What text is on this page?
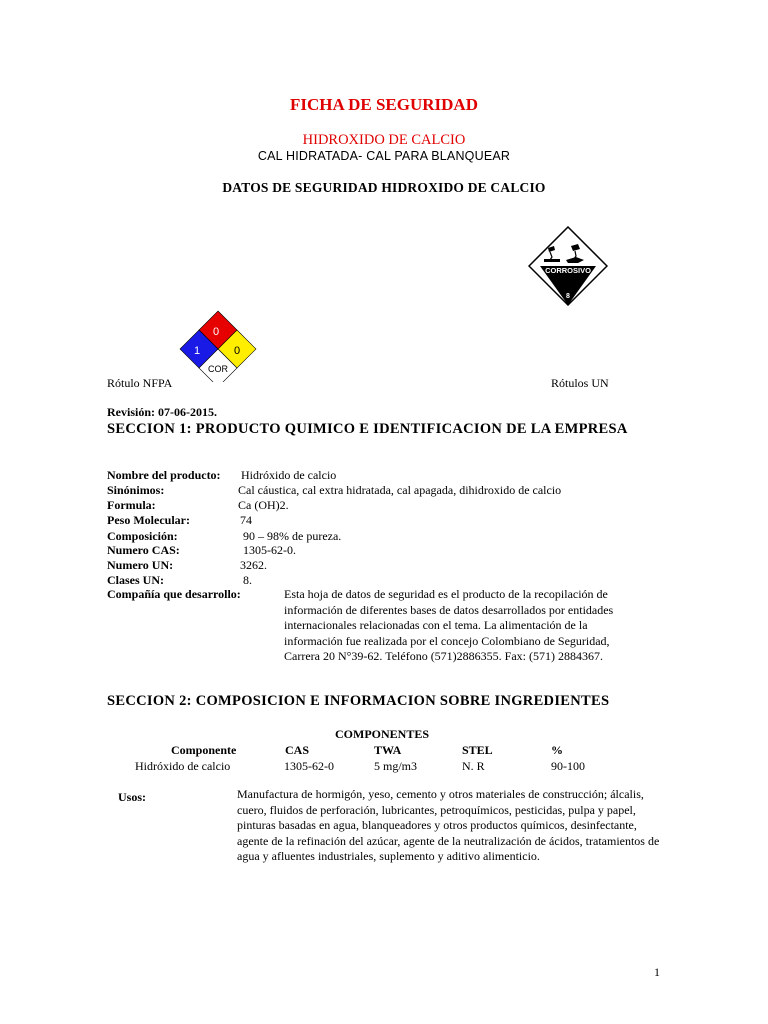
FICHA DE SEGURIDAD
HIDROXIDO DE CALCIO
CAL HIDRATADA- CAL PARA BLANQUEAR
DATOS DE SEGURIDAD HIDROXIDO DE CALCIO
CORROSIVO
8
0
1	0
COR
Rótulo NFPA	Rótulos UN
Revisión: 07-06-2015.
SECCION 1: PRODUCTO QUIMICO E IDENTIFICACION DE LA EMPRESA
Nombre del producto: Hidróxido de calcio
Sinónimos:	Cal cáustica, cal extra hidratada, cal apagada, dihidroxido de calcio
Formula:	Ca (OH)2.
Peso Molecular:	74
Composición:	90 – 98% de pureza.
Numero CAS:	1305-62-0.
Numero UN:	3262.
Clases UN:	8.
Compañía que desarrollo:	Esta hoja de datos de seguridad es el producto de la recopilación de
información de diferentes bases de datos desarrollados por entidades
internacionales relacionadas con el tema. La alimentación de la
información fue realizada por el concejo Colombiano de Seguridad,
Carrera 20 N°39-62. Teléfono (571)2886355. Fax: (571) 2884367.
SECCION 2: COMPOSICION E INFORMACION SOBRE INGREDIENTES
COMPONENTES
Componente	CAS	TWA	STEL	%
Hidróxido de calcio	1305-62-0	5 mg/m3	N. R	90-100
Usos:	Manufactura de hormigón, yeso, cemento y otros materiales de construcción; álcalis, cuero, fluidos de perforación, lubricantes, petroquímicos, pesticidas, pulpa y papel, pinturas basadas en agua, blanqueadores y otros productos químicos, desinfectante, agente de la refinación del azúcar, agente de la neutralización de ácidos, tratamientos de agua y afluentes industriales, suplemento y aditivo alimenticio.
1
